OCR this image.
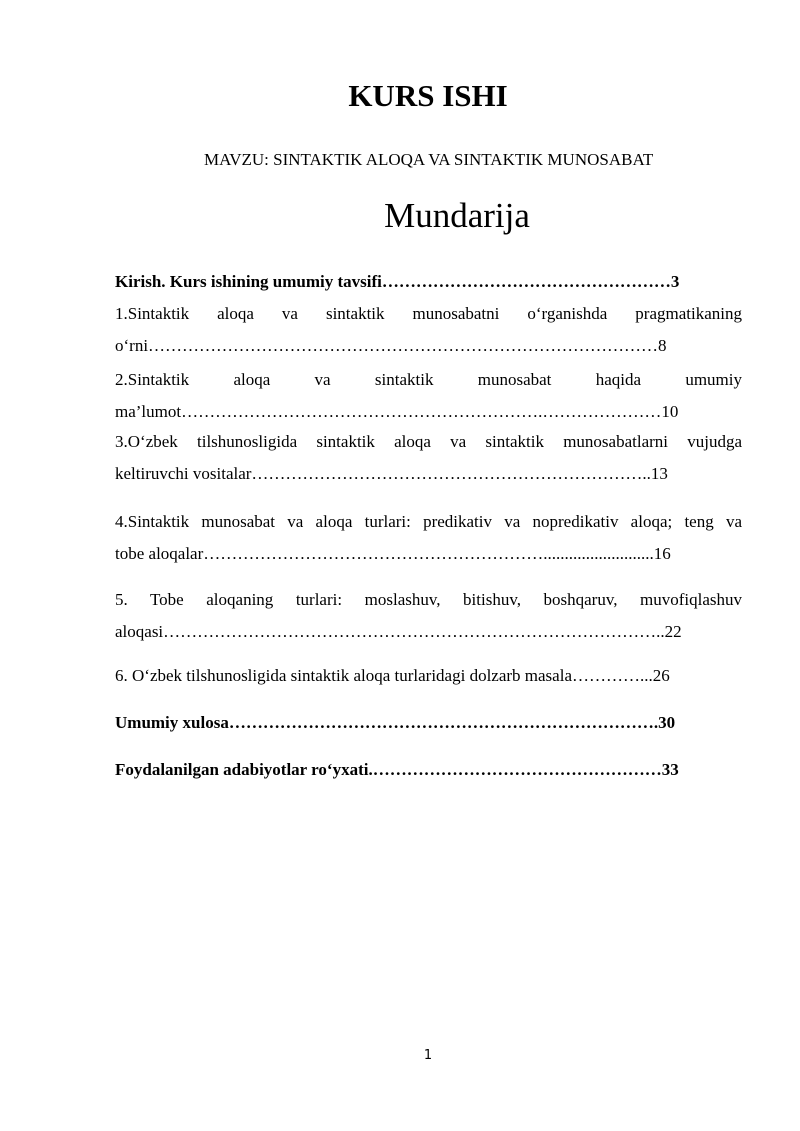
KURS ISHI

MAVZU: SINTAKTIK ALOQA VA SINTAKTIK MUNOSABAT

Mundarija

Kirish. Kurs ishining umumiy tavsifi……………………………………………3

1.Sintaktik aloqa va sintaktik munosabatni o‘rganishda pragmatikaning
o‘rni………………………………………………………………………………8

2.Sintaktik aloqa va sintaktik munosabat haqida umumiy
ma’lumot……………………………………………………….…………………10

3.O‘zbek tilshunosligida sintaktik aloqa va sintaktik munosabatlarni vujudga
keltiruvchi vositalar……………………………………………………………..13

4.Sintaktik munosabat va aloqa turlari: predikativ va nopredikativ aloqa; teng va
tobe aloqalar……………………………………………………..........................16

5. Tobe aloqaning turlari: moslashuv, bitishuv, boshqaruv, muvofiqlashuv
aloqasi……………………………………………………………………………..22

6. O‘zbek tilshunosligida sintaktik aloqa turlaridagi dolzarb masala…………...26

Umumiy xulosa………………………………………………………………….30

Foydalanilgan adabiyotlar ro‘yxati.……………………………………………33

1
